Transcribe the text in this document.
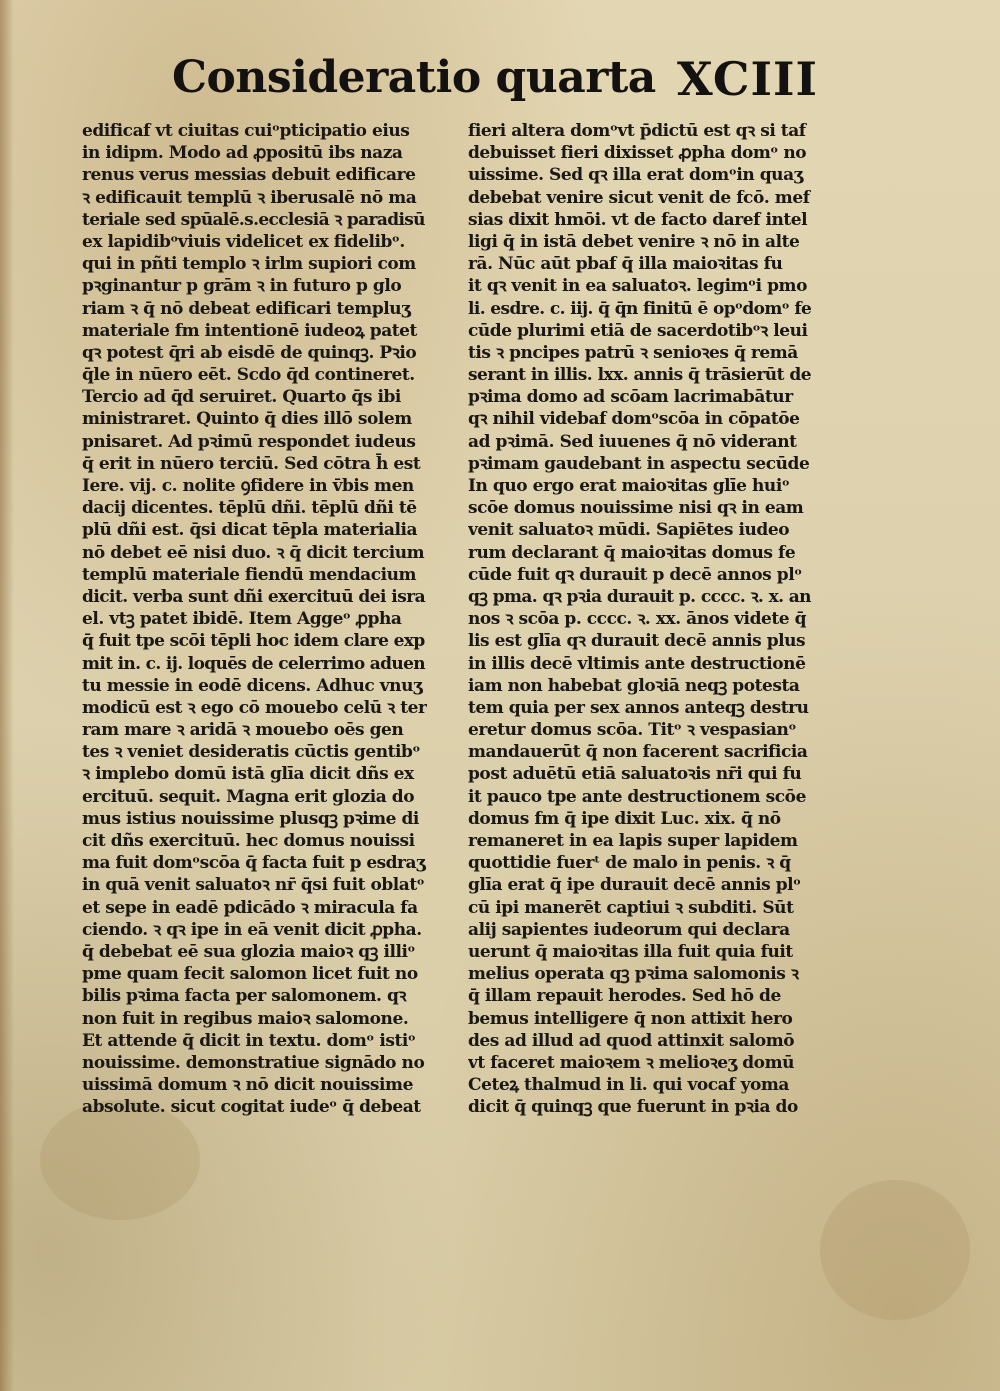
Consideratio quarta XCIII
edificaf vt ciuitas cuiᵒpticipatio eius
in idipm. Modo ad ꝓpositū ibs naza
renus verus messias debuit edificare
ꝛ edificauit templū ꝛ iberusalē nō ma
teriale sed spūalē.s.ecclesiā ꝛ paradisū
ex lapidibᵒviuis videlicet ex fidelibᵒ.
qui in pñti templo ꝛ irlm supiori com
pꝛginantur p grām ꝛ in futuro p glo
riam ꝛ q̄ nō debeat edificari templuʒ
materiale fm intentionē iudeoꝝ patet
qꝛ potest q̄ri ab eisdē de quinqꝫ. Pꝛio
q̄le in nūero eēt. Scdo q̄d contineret.
Tercio ad q̄d seruiret. Quarto q̄s ibi
ministraret. Quinto q̄ dies illō solem
pnisaret. Ad pꝛimū respondet iudeus
q̄ erit in nūero terciū. Sed cōtra h̄ est
Iere. vij. c. nolite ꝯfidere in v̄bis men
dacij dicentes. tēplū dñi. tēplū dñi tē
plū dñi est. q̄si dicat tēpla materialia
nō debet eē nisi duo. ꝛ q̄ dicit tercium
templū materiale fiendū mendacium
dicit. verba sunt dñi exercituū dei isra
el. vtꝫ patet ibidē. Item Aggeᵒ ꝓpha
q̄ fuit tpe scōi tēpli hoc idem clare exp
mit in. c. ij. loquēs de celerrimo aduen
tu messie in eodē dicens. Adhuc vnuʒ
modicū est ꝛ ego cō mouebo celū ꝛ ter
ram mare ꝛ aridā ꝛ mouebo oēs gen
tes ꝛ veniet desideratis cūctis gentibᵒ
ꝛ implebo domū istā glīa dicit dñs ex
ercituū. sequit. Magna erit glozia do
mus istius nouissime plusqꝫ pꝛime di
cit dñs exercituū. hec domus nouissi
ma fuit domᵒscōa q̄ facta fuit p esdraʒ
in quā venit saluatoꝛ nr̄ q̄si fuit oblatᵒ
et sepe in eadē pdicādo ꝛ miracula fa
ciendo. ꝛ qꝛ ipe in eā venit dicit ꝓpha.
q̄ debebat eē sua glozia maioꝛ qꝫ illiᵒ
pme quam fecit salomon licet fuit no
bilis pꝛima facta per salomonem. qꝛ
non fuit in regibus maioꝛ salomone.
Et attende q̄ dicit in textu. domᵒ istiᵒ
nouissime. demonstratiue signādo no
uissimā domum ꝛ nō dicit nouissime
absolute. sicut cogitat iudeᵒ q̄ debeat
fieri altera domᵒvt p̄dictū est qꝛ si taf
debuisset fieri dixisset ꝓpha domᵒ no
uissime. Sed qꝛ illa erat domᵒin quaʒ
debebat venire sicut venit de fcō. mef
sias dixit hmōi. vt de facto daref intel
ligi q̄ in istā debet venire ꝛ nō in alte
rā. Nūc aūt pbaf q̄ illa maioꝛitas fu
it qꝛ venit in ea saluatoꝛ. legimᵒi pmo
li. esdre. c. iij. q̄ q̄n finitū ē opᵒdomᵒ fe
cūde plurimi etiā de sacerdotibᵒꝛ leui
tis ꝛ pncipes patrū ꝛ senioꝛes q̄ remā
serant in illis. lxx. annis q̄ trāsierūt de
pꝛima domo ad scōam lacrimabātur
qꝛ nihil videbaf domᵒscōa in cōpatōe
ad pꝛimā. Sed iuuenes q̄ nō viderant
pꝛimam gaudebant in aspectu secūde
In quo ergo erat maioꝛitas glīe huiᵒ
scōe domus nouissime nisi qꝛ in eam
venit saluatoꝛ mūdi. Sapiētes iudeo
rum declarant q̄ maioꝛitas domus fe
cūde fuit qꝛ durauit p decē annos plᵒ
qꝫ pma. qꝛ pꝛia durauit p. cccc. ꝛ. x. an
nos ꝛ scōa p. cccc. ꝛ. xx. ānos videte q̄
lis est glīa qꝛ durauit decē annis plus
in illis decē vltimis ante destructionē
iam non habebat gloꝛiā neqꝫ potesta
tem quia per sex annos anteqꝫ destru
eretur domus scōa. Titᵒ ꝛ vespasianᵒ
mandauerūt q̄ non facerent sacrificia
post aduētū etiā saluatoꝛis nr̄i qui fu
it pauco tpe ante destructionem scōe
domus fm q̄ ipe dixit Luc. xix. q̄ nō
remaneret in ea lapis super lapidem
quottidie fuerᵗ de malo in penis. ꝛ q̄
glīa erat q̄ ipe durauit decē annis plᵒ
cū ipi manerēt captiui ꝛ subditi. Sūt
alij sapientes iudeorum qui declara
uerunt q̄ maioꝛitas illa fuit quia fuit
melius operata qꝫ pꝛima salomonis ꝛ
q̄ illam repauit herodes. Sed hō de
bemus intelligere q̄ non attixit hero
des ad illud ad quod attinxit salomō
vt faceret maioꝛem ꝛ melioꝛeʒ domū
Ceteꝝ thalmud in li. qui vocaf yoma
dicit q̄ quinqꝫ que fuerunt in pꝛia do
